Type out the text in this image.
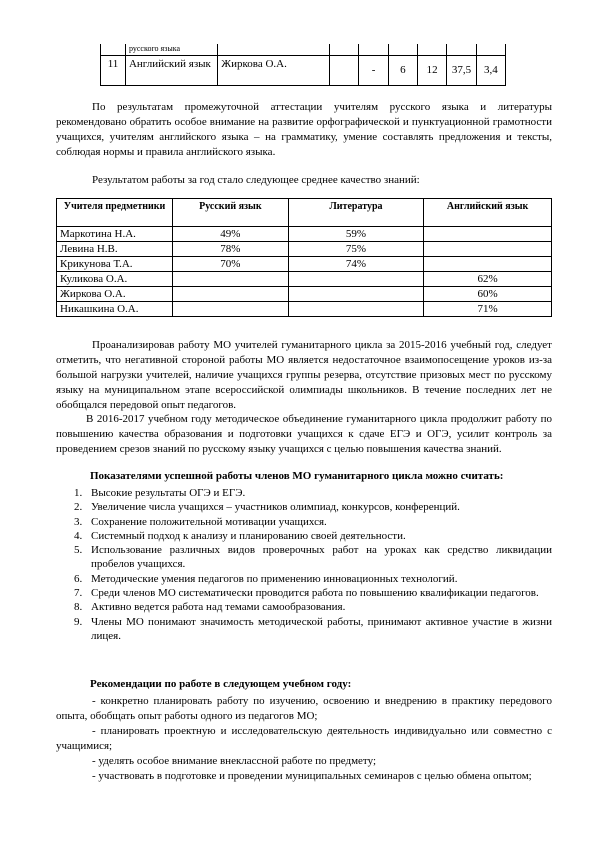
	русского языка							
11	Английский язык	Жиркова О.А.		-	6	12	37,5	3,4

По результатам промежуточной аттестации учителям русского языка и литературы рекомендовано обратить особое внимание на развитие орфографической и пунктуационной грамотности учащихся, учителям английского языка – на грамматику, умение составлять предложения и тексты, соблюдая нормы и правила английского языка.

Результатом работы за год стало следующее среднее качество знаний:

Учителя предметники	Русский язык	Литература	Английский язык
Маркотина Н.А.	49%	59%	
Левина Н.В.	78%	75%	
Крикунова Т.А.	70%	74%	
Куликова О.А.			62%
Жиркова О.А.			60%
Никашкина О.А.			71%

Проанализировав работу МО учителей гуманитарного цикла за 2015-2016 учебный год, следует отметить, что негативной стороной работы МО является недостаточное взаимопосещение уроков из-за большой нагрузки учителей, наличие учащихся группы резерва, отсутствие призовых мест по русскому языку на муниципальном этапе всероссийской олимпиады школьников. В течение последних лет не обобщался передовой опыт педагогов.

В 2016-2017 учебном году методическое объединение гуманитарного цикла продолжит работу по повышению качества образования и подготовки учащихся к сдаче ЕГЭ и ОГЭ, усилит контроль за проведением срезов знаний по русскому языку учащихся с целью повышения качества знаний.

Показателями успешной работы членов МО гуманитарного цикла можно считать:
1. Высокие результаты ОГЭ и ЕГЭ.
2. Увеличение числа учащихся – участников олимпиад, конкурсов, конференций.
3. Сохранение положительной мотивации учащихся.
4. Системный подход к анализу и планированию своей деятельности.
5. Использование различных видов проверочных работ на уроках как средство ликвидации пробелов учащихся.
6. Методические умения педагогов по применению инновационных технологий.
7. Среди членов МО систематически проводится работа по повышению квалификации педагогов.
8. Активно ведется работа над темами самообразования.
9. Члены МО понимают значимость методической работы, принимают активное участие в жизни лицея.
Рекомендации по работе в следующем учебном году:

- конкретно планировать работу по изучению, освоению и внедрению в практику передового опыта, обобщать опыт работы одного из педагогов МО;

- планировать проектную и исследовательскую деятельность индивидуально или совместно с учащимися;

- уделять особое внимание внеклассной работе по предмету;

- участвовать в подготовке и проведении муниципальных семинаров с целью обмена опытом;
